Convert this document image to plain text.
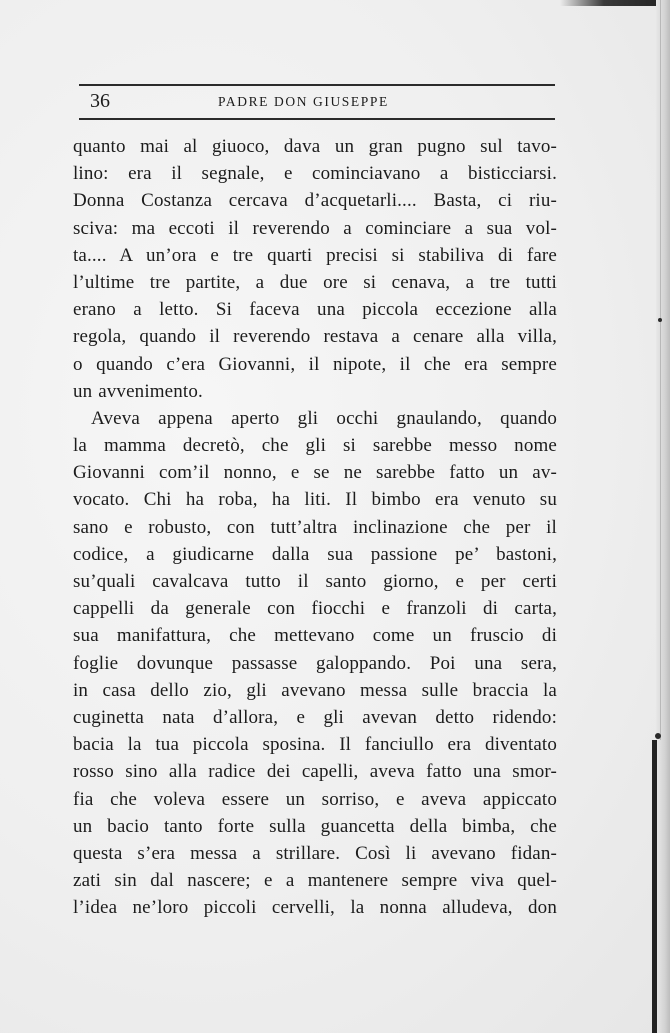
36	PADRE DON GIUSEPPE
quanto mai al giuoco, dava un gran pugno sul tavo-
lino: era il segnale, e cominciavano a bisticciarsi.
Donna Costanza cercava d’acquetarli.... Basta, ci riu-
sciva: ma eccoti il reverendo a cominciare a sua vol-
ta.... A un’ora e tre quarti precisi si stabiliva di fare
l’ultime tre partite, a due ore si cenava, a tre tutti
erano a letto. Si faceva una piccola eccezione alla
regola, quando il reverendo restava a cenare alla villa,
o quando c’era Giovanni, il nipote, il che era sempre
un avvenimento.
Aveva appena aperto gli occhi gnaulando, quando
la mamma decretò, che gli si sarebbe messo nome
Giovanni com’il nonno, e se ne sarebbe fatto un av-
vocato. Chi ha roba, ha liti. Il bimbo era venuto su
sano e robusto, con tutt’altra inclinazione che per il
codice, a giudicarne dalla sua passione pe’ bastoni,
su’quali cavalcava tutto il santo giorno, e per certi
cappelli da generale con fiocchi e franzoli di carta,
sua manifattura, che mettevano come un fruscio di
foglie dovunque passasse galoppando. Poi una sera,
in casa dello zio, gli avevano messa sulle braccia la
cuginetta nata d’allora, e gli avevan detto ridendo:
bacia la tua piccola sposina. Il fanciullo era diventato
rosso sino alla radice dei capelli, aveva fatto una smor-
fia che voleva essere un sorriso, e aveva appiccato
un bacio tanto forte sulla guancetta della bimba, che
questa s’era messa a strillare. Così li avevano fidan-
zati sin dal nascere; e a mantenere sempre viva quel-
l’idea ne’loro piccoli cervelli, la nonna alludeva, don
